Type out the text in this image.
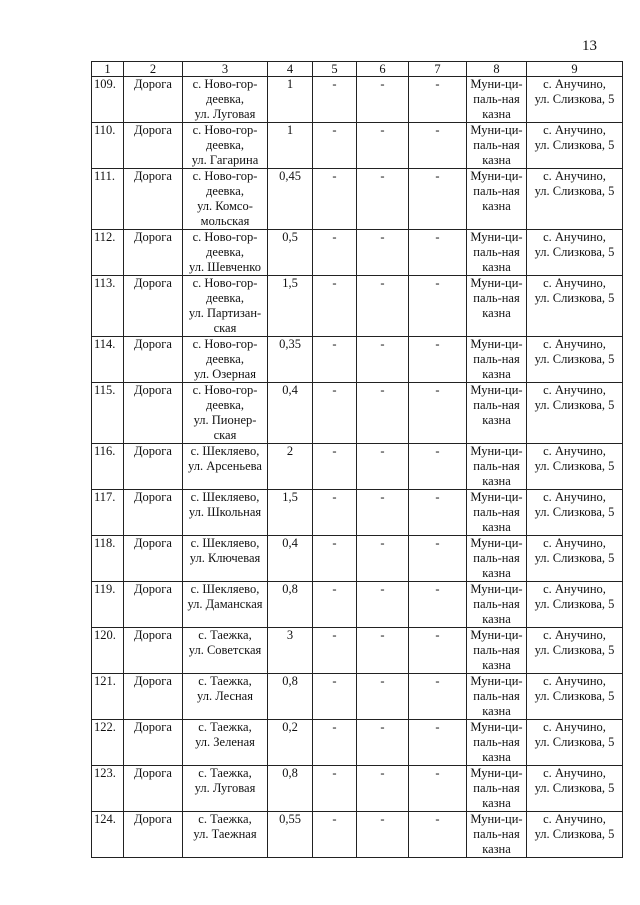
13
1	2	3	4	5	6	7	8	9
109.	Дорога	с. Ново-гор-
деевка,
ул. Луговая	1	-	-	-	Муни-ци-
паль-ная
казна	с. Анучино,
ул. Слизкова, 5
110.	Дорога	с. Ново-гор-
деевка,
ул. Гагарина	1	-	-	-	Муни-ци-
паль-ная
казна	с. Анучино,
ул. Слизкова, 5
111.	Дорога	с. Ново-гор-
деевка,
ул. Комсо-
мольская	0,45	-	-	-	Муни-ци-
паль-ная
казна	с. Анучино,
ул. Слизкова, 5
112.	Дорога	с. Ново-гор-
деевка,
ул. Шевченко	0,5	-	-	-	Муни-ци-
паль-ная
казна	с. Анучино,
ул. Слизкова, 5
113.	Дорога	с. Ново-гор-
деевка,
ул. Партизан-
ская	1,5	-	-	-	Муни-ци-
паль-ная
казна	с. Анучино,
ул. Слизкова, 5
114.	Дорога	с. Ново-гор-
деевка,
ул. Озерная	0,35	-	-	-	Муни-ци-
паль-ная
казна	с. Анучино,
ул. Слизкова, 5
115.	Дорога	с. Ново-гор-
деевка,
ул. Пионер-
ская	0,4	-	-	-	Муни-ци-
паль-ная
казна	с. Анучино,
ул. Слизкова, 5
116.	Дорога	с. Шекляево,
ул. Арсеньева	2	-	-	-	Муни-ци-
паль-ная
казна	с. Анучино,
ул. Слизкова, 5
117.	Дорога	с. Шекляево,
ул. Школьная	1,5	-	-	-	Муни-ци-
паль-ная
казна	с. Анучино,
ул. Слизкова, 5
118.	Дорога	с. Шекляево,
ул. Ключевая	0,4	-	-	-	Муни-ци-
паль-ная
казна	с. Анучино,
ул. Слизкова, 5
119.	Дорога	с. Шекляево,
ул. Даманская	0,8	-	-	-	Муни-ци-
паль-ная
казна	с. Анучино,
ул. Слизкова, 5
120.	Дорога	с. Таежка,
ул. Советская	3	-	-	-	Муни-ци-
паль-ная
казна	с. Анучино,
ул. Слизкова, 5
121.	Дорога	с. Таежка,
ул. Лесная	0,8	-	-	-	Муни-ци-
паль-ная
казна	с. Анучино,
ул. Слизкова, 5
122.	Дорога	с. Таежка,
ул. Зеленая	0,2	-	-	-	Муни-ци-
паль-ная
казна	с. Анучино,
ул. Слизкова, 5
123.	Дорога	с. Таежка,
ул. Луговая	0,8	-	-	-	Муни-ци-
паль-ная
казна	с. Анучино,
ул. Слизкова, 5
124.	Дорога	с. Таежка,
ул. Таежная	0,55	-	-	-	Муни-ци-
паль-ная
казна	с. Анучино,
ул. Слизкова, 5
